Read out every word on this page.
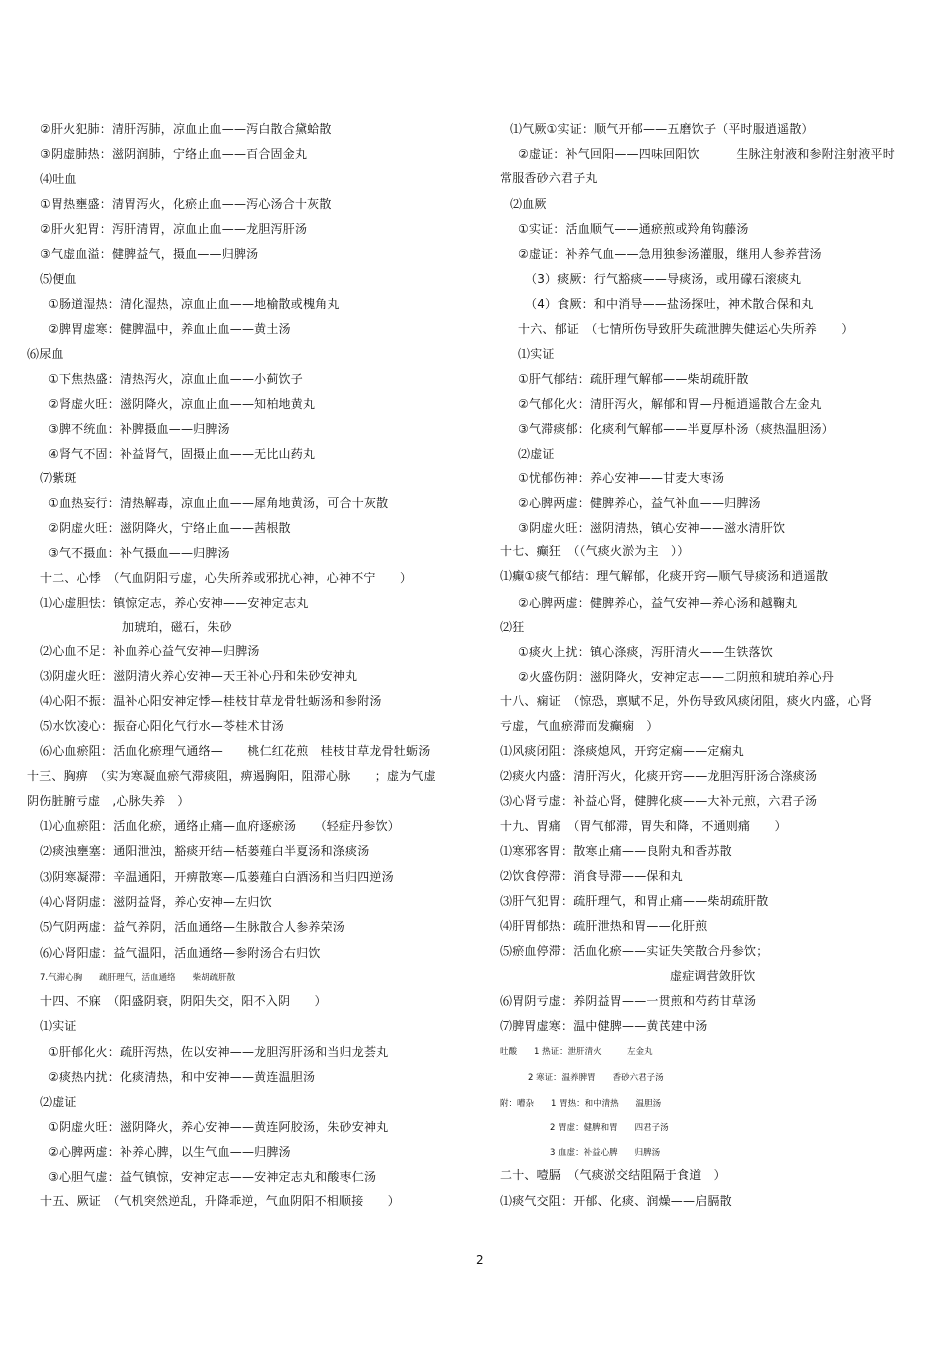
②肝火犯肺：清肝泻肺，凉血止血——泻白散合黛蛤散
③阴虚肺热：滋阴润肺，宁络止血——百合固金丸
⑷吐血
①胃热壅盛：清胃泻火，化瘀止血——泻心汤合十灰散
②肝火犯胃：泻肝清胃，凉血止血——龙胆泻肝汤
③气虚血溢：健脾益气，摄血——归脾汤
⑸便血
①肠道湿热：清化湿热，凉血止血——地榆散或槐角丸
②脾胃虚寒：健脾温中，养血止血——黄土汤
⑹尿血
①下焦热盛：清热泻火，凉血止血——小蓟饮子
②肾虚火旺：滋阴降火，凉血止血——知柏地黄丸
③脾不统血：补脾摄血——归脾汤
④肾气不固：补益肾气，固摄止血——无比山药丸
⑺紫斑
①血热妄行：清热解毒，凉血止血——犀角地黄汤，可合十灰散
②阴虚火旺：滋阴降火，宁络止血——茜根散
③气不摄血：补气摄血——归脾汤
十二、心悸　（气血阴阳亏虚，心失所养或邪扰心神，心神不宁　　）
⑴心虚胆怯：镇惊定志，养心安神——安神定志丸
加琥珀，磁石，朱砂
⑵心血不足：补血养心益气安神—归脾汤
⑶阴虚火旺：滋阴清火养心安神—天王补心丹和朱砂安神丸
⑷心阳不振：温补心阳安神定悸—桂枝甘草龙骨牡蛎汤和参附汤
⑸水饮凌心：振奋心阳化气行水—苓桂术甘汤
⑹心血瘀阻：活血化瘀理气通络—　　桃仁红花煎　桂枝甘草龙骨牡蛎汤
十三、胸痹　（实为寒凝血瘀气滞痰阻，痹遏胸阳，阻滞心脉　　；虚为气虚
阴伤脏腑亏虚　,心脉失养　）
⑴心血瘀阻：活血化瘀，通络止痛—血府逐瘀汤　　（轻症丹参饮）
⑵痰浊壅塞：通阳泄浊，豁痰开结—栝蒌薤白半夏汤和涤痰汤
⑶阴寒凝滞：辛温通阳，开痹散寒—瓜蒌薤白白酒汤和当归四逆汤
⑷心肾阴虚：滋阴益肾，养心安神—左归饮
⑸气阴两虚：益气养阴，活血通络—生脉散合人参养荣汤
⑹心肾阳虚：益气温阳，活血通络—参附汤合右归饮
7.气滞心胸　　疏肝理气，活血通络　　柴胡疏肝散
十四、不寐　（阳盛阴衰，阴阳失交，阳不入阴　　）
⑴实证
①肝郁化火：疏肝泻热，佐以安神——龙胆泻肝汤和当归龙荟丸
②痰热内扰：化痰清热，和中安神——黄连温胆汤
⑵虚证
①阴虚火旺：滋阴降火，养心安神——黄连阿胶汤，朱砂安神丸
②心脾两虚：补养心脾，以生气血——归脾汤
③心胆气虚：益气镇惊，安神定志——安神定志丸和酸枣仁汤
十五、厥证　（气机突然逆乱，升降乖逆，气血阴阳不相顺接　　）
⑴气厥①实证：顺气开郁——五磨饮子（平时服逍遥散）
②虚证：补气回阳——四味回阳饮　　　生脉注射液和参附注射液平时
常服香砂六君子丸
⑵血厥
①实证：活血顺气——通瘀煎或羚角钩藤汤
②虚证：补养气血——急用独参汤灌服，继用人参养营汤
（3）痰厥：行气豁痰——导痰汤，或用礞石滚痰丸
（4）食厥：和中消导——盐汤探吐，神术散合保和丸
十六、郁证　（七情所伤导致肝失疏泄脾失健运心失所养　　）
⑴实证
①肝气郁结：疏肝理气解郁——柴胡疏肝散
②气郁化火：清肝泻火，解郁和胃—丹栀逍遥散合左金丸
③气滞痰郁：化痰利气解郁——半夏厚朴汤（痰热温胆汤）
⑵虚证
①忧郁伤神：养心安神——甘麦大枣汤
②心脾两虚：健脾养心，益气补血——归脾汤
③阴虚火旺：滋阴清热，镇心安神——滋水清肝饮
十七、癫狂　（（气痰火淤为主　））
⑴癫①痰气郁结：理气解郁，化痰开窍—顺气导痰汤和逍遥散
②心脾两虚：健脾养心，益气安神—养心汤和越鞠丸
⑵狂
①痰火上扰：镇心涤痰，泻肝清火——生铁落饮
②火盛伤阴：滋阴降火，安神定志——二阴煎和琥珀养心丹
十八、痫证　（惊恐，禀赋不足，外伤导致风痰闭阻，痰火内盛，心肾
亏虚，气血瘀滞而发癫痫　）
⑴风痰闭阻：涤痰熄风，开窍定痫——定痫丸
⑵痰火内盛：清肝泻火，化痰开窍——龙胆泻肝汤合涤痰汤
⑶心肾亏虚：补益心肾，健脾化痰——大补元煎，六君子汤
十九、胃痛　（胃气郁滞，胃失和降，不通则痛　　）
⑴寒邪客胃：散寒止痛——良附丸和香苏散
⑵饮食停滞：消食导滞——保和丸
⑶肝气犯胃：疏肝理气，和胃止痛——柴胡疏肝散
⑷肝胃郁热：疏肝泄热和胃——化肝煎
⑸瘀血停滞：活血化瘀——实证失笑散合丹参饮；
虚症调营敛肝饮
⑹胃阴亏虚：养阴益胃——一贯煎和芍药甘草汤
⑺脾胃虚寒：温中健脾——黄芪建中汤
吐酸　　1 热证：泄肝清火　　　左金丸
2 寒证：温养脾胃　　香砂六君子汤
附：嘈杂　　1 胃热：和中清热　　温胆汤
2 胃虚：健脾和胃　　四君子汤
3 血虚：补益心脾　　归脾汤
二十、噎膈　（气痰淤交结阻隔于食道　）
⑴痰气交阻：开郁、化痰、润燥——启膈散
2
